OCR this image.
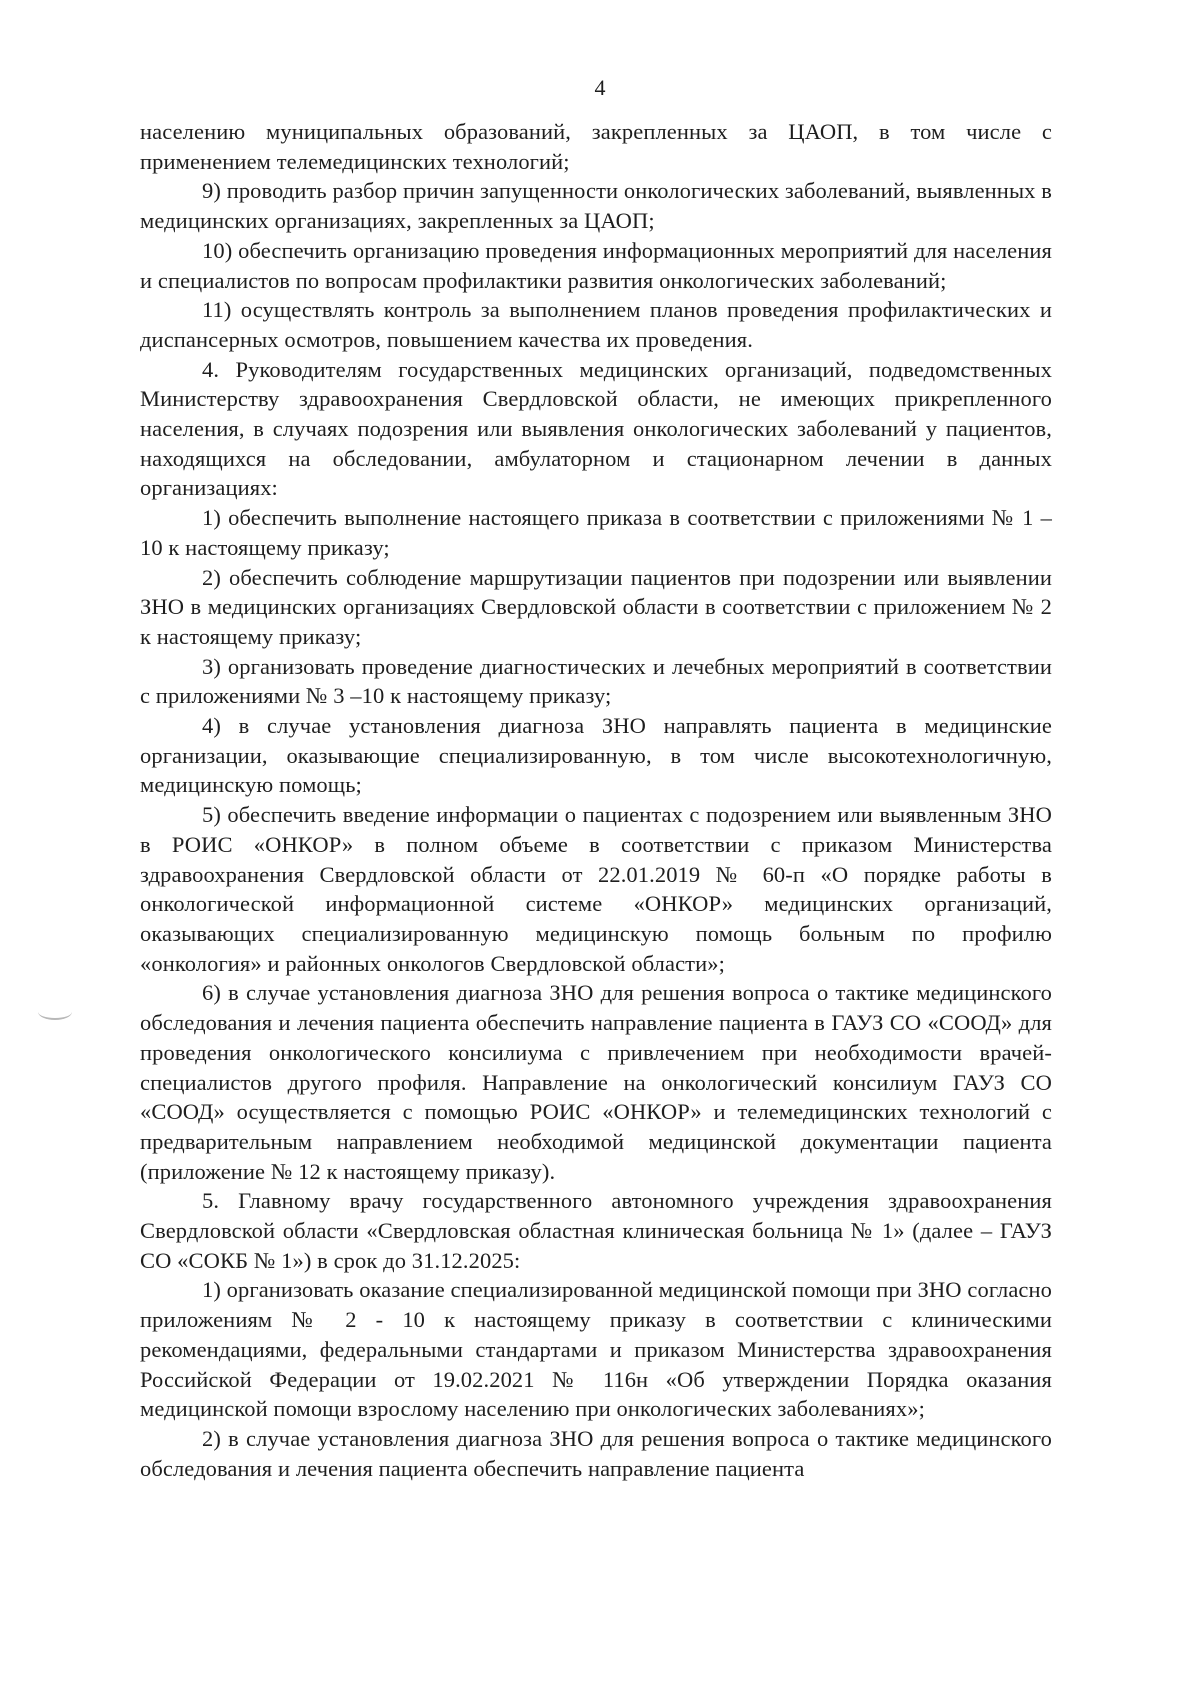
4

населению муниципальных образований, закрепленных за ЦАОП, в том числе с применением телемедицинских технологий;

9) проводить разбор причин запущенности онкологических заболеваний, выявленных в медицинских организациях, закрепленных за ЦАОП;

10) обеспечить организацию проведения информационных мероприятий для населения и специалистов по вопросам профилактики развития онкологических заболеваний;

11) осуществлять контроль за выполнением планов проведения профилактических и диспансерных осмотров, повышением качества их проведения.

4. Руководителям государственных медицинских организаций, подведомственных Министерству здравоохранения Свердловской области, не имеющих прикрепленного населения, в случаях подозрения или выявления онкологических заболеваний у пациентов, находящихся на обследовании, амбулаторном и стационарном лечении в данных организациях:

1) обеспечить выполнение настоящего приказа в соответствии с приложениями № 1 – 10 к настоящему приказу;

2) обеспечить соблюдение маршрутизации пациентов при подозрении или выявлении ЗНО в медицинских организациях Свердловской области в соответствии с приложением № 2 к настоящему приказу;

3) организовать проведение диагностических и лечебных мероприятий в соответствии с приложениями № 3 –10 к настоящему приказу;

4) в случае установления диагноза ЗНО направлять пациента в медицинские организации, оказывающие специализированную, в том числе высокотехнологичную, медицинскую помощь;

5) обеспечить введение информации о пациентах с подозрением или выявленным ЗНО в РОИС «ОНКОР» в полном объеме в соответствии с приказом Министерства здравоохранения Свердловской области от 22.01.2019 № 60-п «О порядке работы в онкологической информационной системе «ОНКОР» медицинских организаций, оказывающих специализированную медицинскую помощь больным по профилю «онкология» и районных онкологов Свердловской области»;

6) в случае установления диагноза ЗНО для решения вопроса о тактике медицинского обследования и лечения пациента обеспечить направление пациента в ГАУЗ СО «СООД» для проведения онкологического консилиума с привлечением при необходимости врачей-специалистов другого профиля. Направление на онкологический консилиум ГАУЗ СО «СООД» осуществляется с помощью РОИС «ОНКОР» и телемедицинских технологий с предварительным направлением необходимой медицинской документации пациента (приложение № 12 к настоящему приказу).

5. Главному врачу государственного автономного учреждения здравоохранения Свердловской области «Свердловская областная клиническая больница № 1» (далее – ГАУЗ СО «СОКБ № 1») в срок до 31.12.2025:

1) организовать оказание специализированной медицинской помощи при ЗНО согласно приложениям № 2 - 10 к настоящему приказу в соответствии с клиническими рекомендациями, федеральными стандартами и приказом Министерства здравоохранения Российской Федерации от 19.02.2021 № 116н «Об утверждении Порядка оказания медицинской помощи взрослому населению при онкологических заболеваниях»;

2) в случае установления диагноза ЗНО для решения вопроса о тактике медицинского обследования и лечения пациента обеспечить направление пациента
